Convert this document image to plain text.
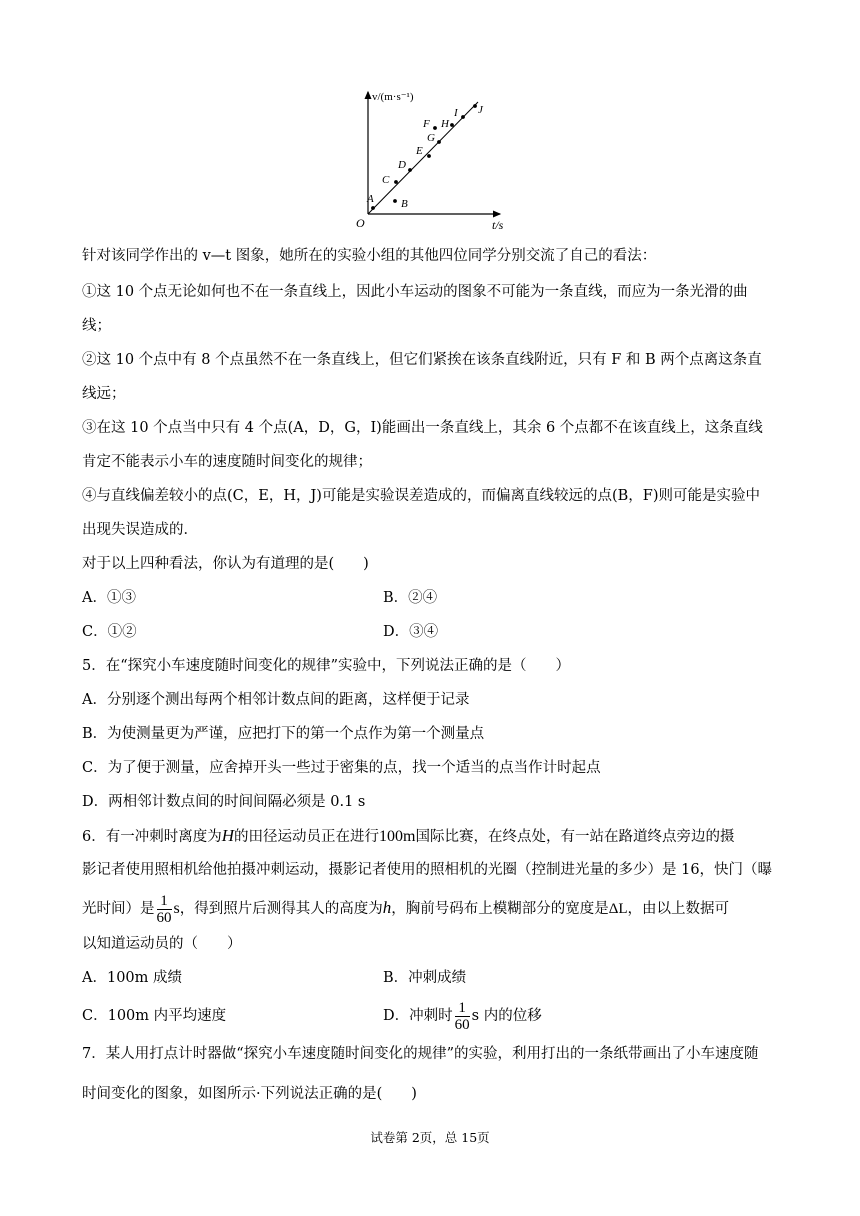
v/(m·s⁻¹)
t/s
O
A B
C
D
E
F
G
H
I J
针对该同学作出的 v—t 图象，她所在的实验小组的其他四位同学分别交流了自己的看法：
①这 10 个点无论如何也不在一条直线上，因此小车运动的图象不可能为一条直线，而应为一条光滑的曲
线；
②这 10 个点中有 8 个点虽然不在一条直线上，但它们紧挨在该条直线附近，只有 F 和 B 两个点离这条直
线远；
③在这 10 个点当中只有 4 个点(A，D，G，I)能画出一条直线上，其余 6 个点都不在该直线上，这条直线
肯定不能表示小车的速度随时间变化的规律；
④与直线偏差较小的点(C，E，H，J)可能是实验误差造成的，而偏离直线较远的点(B，F)则可能是实验中
出现失误造成的．
对于以上四种看法，你认为有道理的是(　　)
A．①③	B．②④
C．①②	D．③④
5．在“探究小车速度随时间变化的规律”实验中，下列说法正确的是（　　）
A．分别逐个测出每两个相邻计数点间的距离，这样便于记录
B．为使测量更为严谨，应把打下的第一个点作为第一个测量点
C．为了便于测量，应舍掉开头一些过于密集的点，找一个适当的点当作计时起点
D．两相邻计数点间的时间间隔必须是 0.1 s
6．有一冲刺时离度为H的田径运动员正在进行100m国际比赛，在终点处，有一站在路道终点旁边的摄
影记者使用照相机给他拍摄冲刺运动，摄影记者使用的照相机的光圈（控制进光量的多少）是 16，快门（曝
光时间）是 $\frac{1}{60}$ s，得到照片后测得其人的高度为h，胸前号码布上模糊部分的宽度是ΔL，由以上数据可
以知道运动员的（　　）
A．100m 成绩	B．冲刺成绩
C．100m 内平均速度	D．冲刺时 $\frac{1}{60}$ s 内的位移
7．某人用打点计时器做“探究小车速度随时间变化的规律”的实验，利用打出的一条纸带画出了小车速度随
时间变化的图象，如图所示·下列说法正确的是(　　)
试卷第 2页，总 15页
